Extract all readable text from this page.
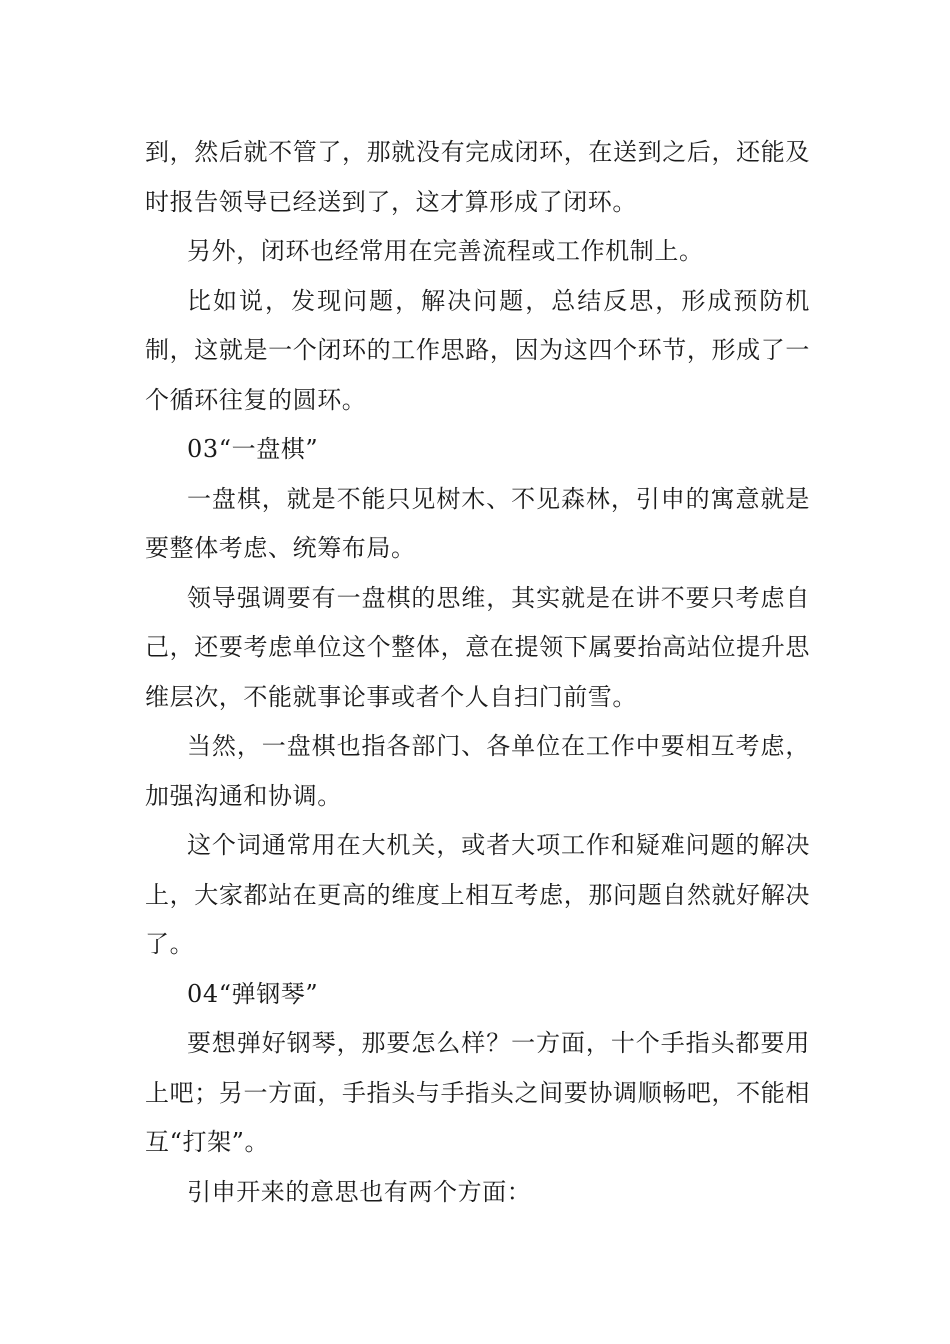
到，然后就不管了，那就没有完成闭环，在送到之后，还能及时报告领导已经送到了，这才算形成了闭环。

另外，闭环也经常用在完善流程或工作机制上。

比如说，发现问题，解决问题，总结反思，形成预防机制，这就是一个闭环的工作思路，因为这四个环节，形成了一个循环往复的圆环。

03“一盘棋”

一盘棋，就是不能只见树木、不见森林，引申的寓意就是要整体考虑、统筹布局。

领导强调要有一盘棋的思维，其实就是在讲不要只考虑自己，还要考虑单位这个整体，意在提领下属要抬高站位提升思维层次，不能就事论事或者个人自扫门前雪。

当然，一盘棋也指各部门、各单位在工作中要相互考虑，加强沟通和协调。

这个词通常用在大机关，或者大项工作和疑难问题的解决上，大家都站在更高的维度上相互考虑，那问题自然就好解决了。

04“弹钢琴”

要想弹好钢琴，那要怎么样？一方面，十个手指头都要用上吧；另一方面，手指头与手指头之间要协调顺畅吧，不能相互“打架”。

引申开来的意思也有两个方面：
